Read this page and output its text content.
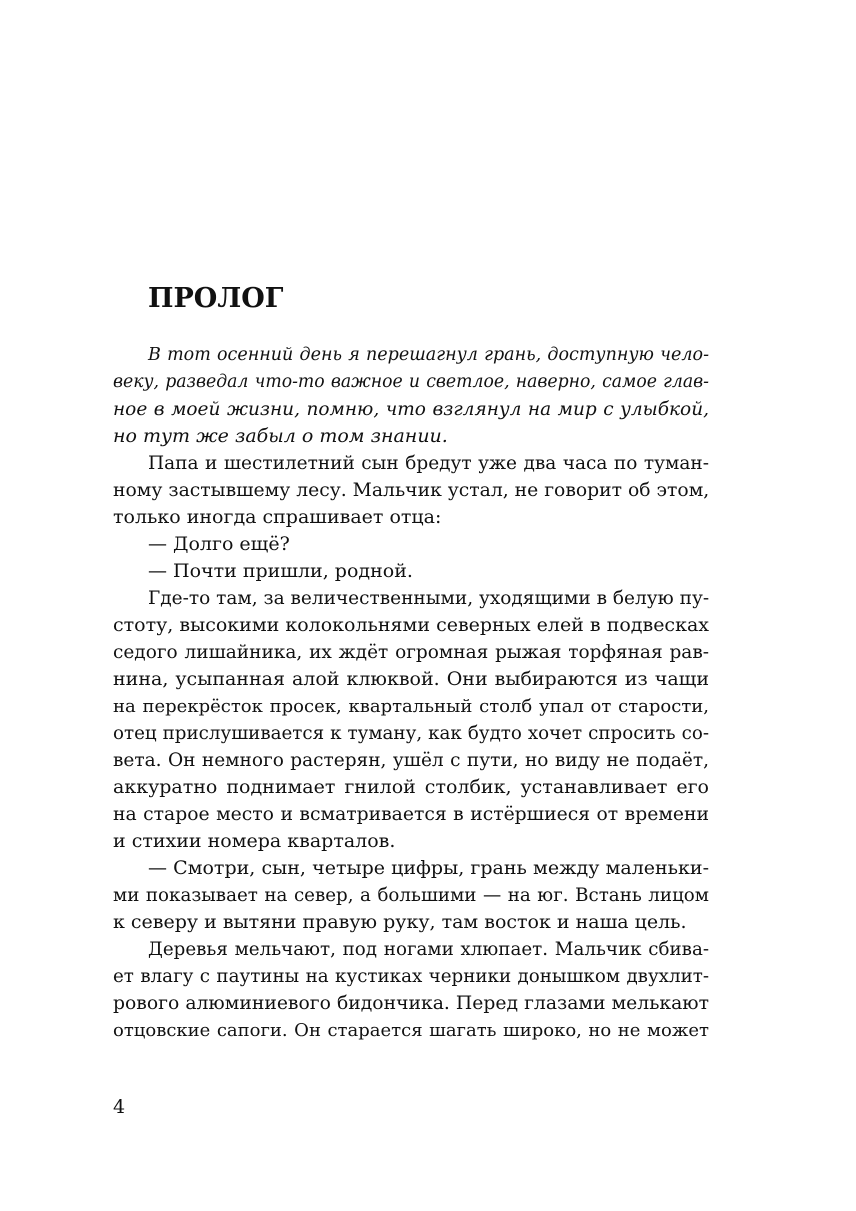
ПРОЛОГ
В тот осенний день я перешагнул грань, доступную чело-
веку, разведал что-то важное и светлое, наверно, самое глав-
ное в моей жизни, помню, что взглянул на мир с улыбкой,
но тут же забыл о том знании.
Папа и шестилетний сын бредут уже два часа по туман-
ному застывшему лесу. Мальчик устал, не говорит об этом,
только иногда спрашивает отца:
— Долго ещё?
— Почти пришли, родной.
Где-то там, за величественными, уходящими в белую пу-
стоту, высокими колокольнями северных елей в подвесках
седого лишайника, их ждёт огромная рыжая торфяная рав-
нина, усыпанная алой клюквой. Они выбираются из чащи
на перекрёсток просек, квартальный столб упал от старости,
отец прислушивается к туману, как будто хочет спросить со-
вета. Он немного растерян, ушёл с пути, но виду не подаёт,
аккуратно поднимает гнилой столбик, устанавливает его
на старое место и всматривается в истёршиеся от времени
и стихии номера кварталов.
— Смотри, сын, четыре цифры, грань между маленьки-
ми показывает на север, а большими — на юг. Встань лицом
к северу и вытяни правую руку, там восток и наша цель.
Деревья мельчают, под ногами хлюпает. Мальчик сбива-
ет влагу с паутины на кустиках черники донышком двухлит-
рового алюминиевого бидончика. Перед глазами мелькают
отцовские сапоги. Он старается шагать широко, но не может
4
